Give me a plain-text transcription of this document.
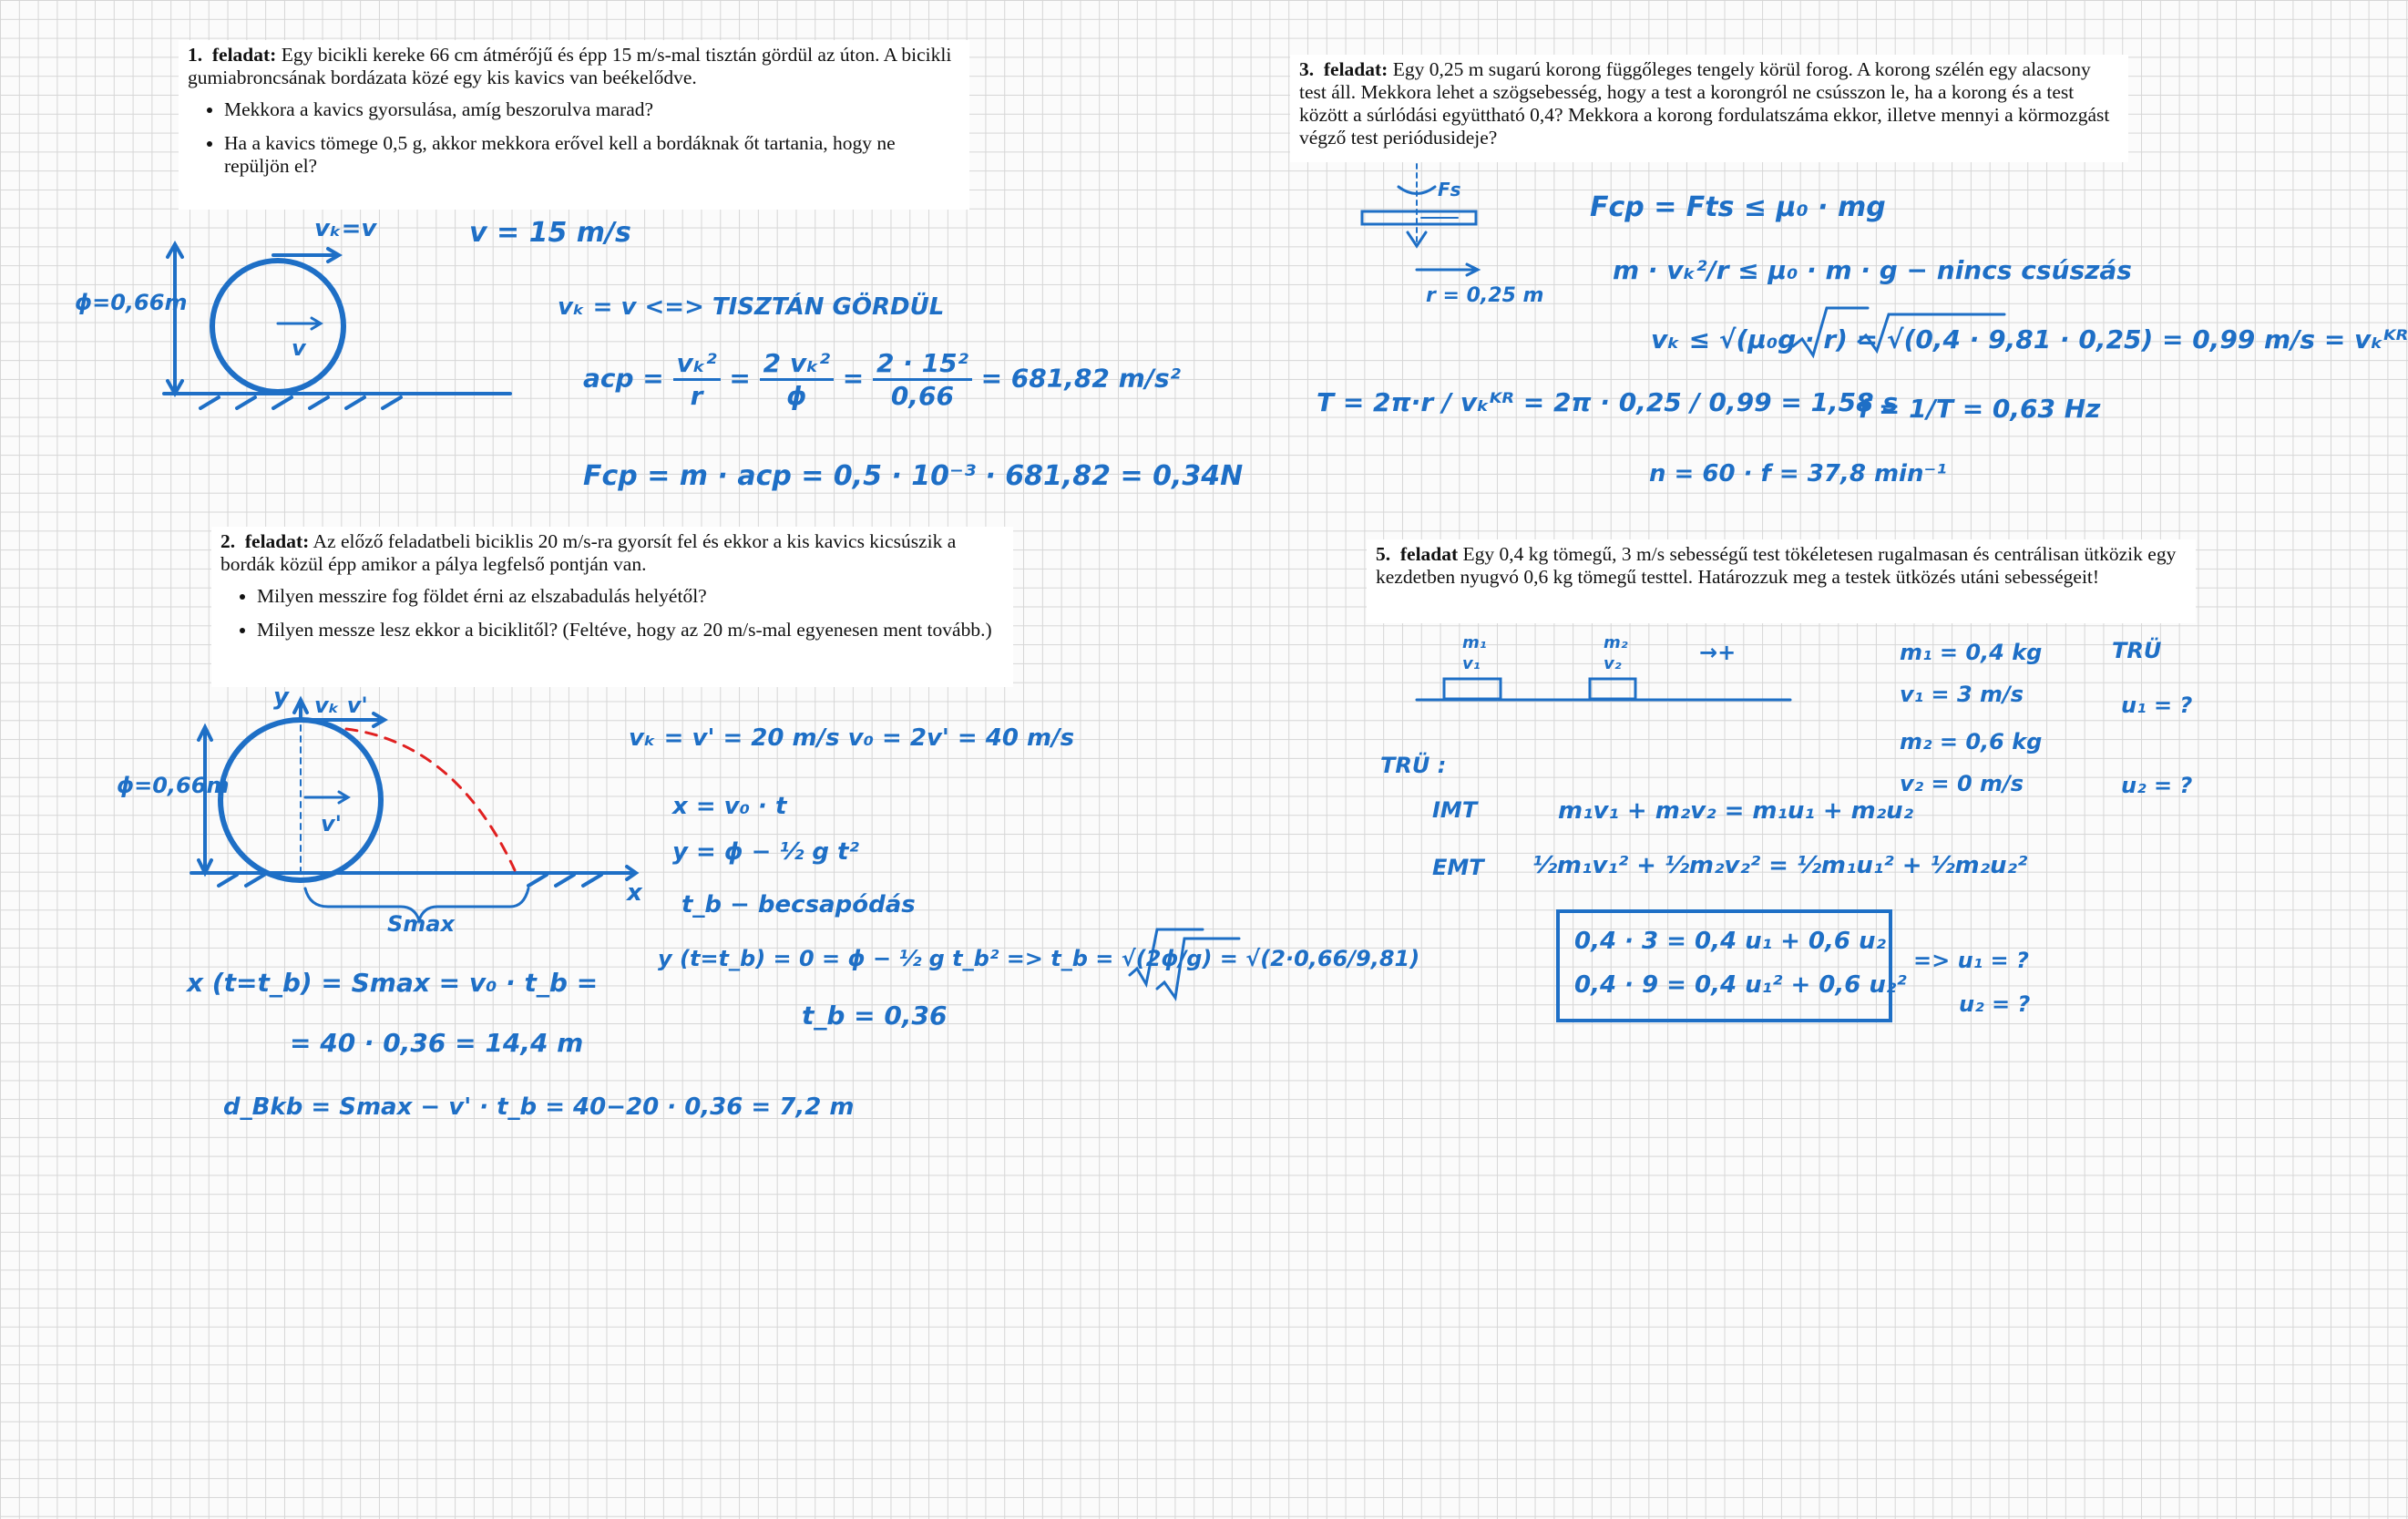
1. feladat: Egy bicikli kereke 66 cm átmérőjű és épp 15 m/s-mal tisztán gördül az úton. A bicikli gumiabroncsának bordázata közé egy kis kavics van beékelődve.
• Mekkora a kavics gyorsulása, amíg beszorulva marad?
• Ha a kavics tömege 0,5 g, akkor mekkora erővel kell a bordáknak őt tartania, hogy ne repüljön el?
2. feladat: Az előző feladatbeli biciklis 20 m/s-ra gyorsít fel és ekkor a kis kavics kicsúszik a bordák közül épp amikor a pálya legfelső pontján van.
• Milyen messzire fog földet érni az elszabadulás helyétől?
• Milyen messze lesz ekkor a biciklitől? (Feltéve, hogy az 20 m/s-mal egyenesen ment tovább.)
3. feladat: Egy 0,25 m sugarú korong függőleges tengely körül forog. A korong szélén egy alacsony test áll. Mekkora lehet a szögsebesség, hogy a test a korongról ne csússzon le, ha a korong és a test között a súrlódási együttható 0,4? Mekkora a korong fordulatszáma ekkor, illetve mennyi a körmozgást végző test periódusideje?
5. feladat Egy 0,4 kg tömegű, 3 m/s sebességű test tökéletesen rugalmasan és centrálisan ütközik egy kezdetben nyugvó 0,6 kg tömegű testtel. Határozzuk meg a testek ütközés utáni sebességeit!
vₖ=v
ϕ=0,66m
v
v = 15 m/s
vₖ = v <=> TISZTÁN GÖRDÜL
acp = $\frac{\text{vₖ²}}{r} = \frac{\text{2 vₖ²}}{\phi} = \frac{\text{2 · 15²}}{0,66} = 681,82$ m/s²
Fcp = m · acp = 0,5 · 10⁻³ · 681,82 = 0,34N
y
x
vₖ v'
ϕ=0,66m
v'
Smax
vₖ = v' = 20 m/s v₀ = 2v' = 40 m/s
x = v₀ · t
y = ϕ − ½ g t²
t_b − becsapódás
y (t=t_b) = 0 = ϕ − ½ g t_b² => t_b = √(2ϕ/g) = √(2·0,66/9,81)
t_b = 0,36
x (t=t_b) = Smax = v₀ · t_b =
= 40 · 0,36 = 14,4 m
d_Bkb = Smax − v' · t_b = 40−20 · 0,36 = 7,2 m
Fs
r = 0,25 m
Fcp = Fts ≤ μ₀ · mg
m · vₖ²/r ≤ μ₀ · m · g − nincs csúszás
vₖ ≤ √(μ₀g · r) = √(0,4 · 9,81 · 0,25) = 0,99 m/s = vₖᴷᴿ
T = 2π·r / vₖᴷᴿ = 2π · 0,25 / 0,99 = 1,58 s
f = 1/T = 0,63 Hz
n = 60 · f = 37,8 min⁻¹
m₁
v₁
m₂
v₂	→+	m₁ = 0,4 kg
v₁ = 3 m/s
m₂ = 0,6 kg
v₂ = 0 m/s
TRÜ
u₁ = ?
u₂ = ?
TRÜ :
IMT	m₁v₁ + m₂v₂ = m₁u₁ + m₂u₂
EMT ½m₁v₁² + ½m₂v₂² = ½m₁u₁² + ½m₂u₂²
0,4 · 3 = 0,4 u₁ + 0,6 u₂
0,4 · 9 = 0,4 u₁² + 0,6 u₂²
=> u₁ = ?
u₂ = ?
